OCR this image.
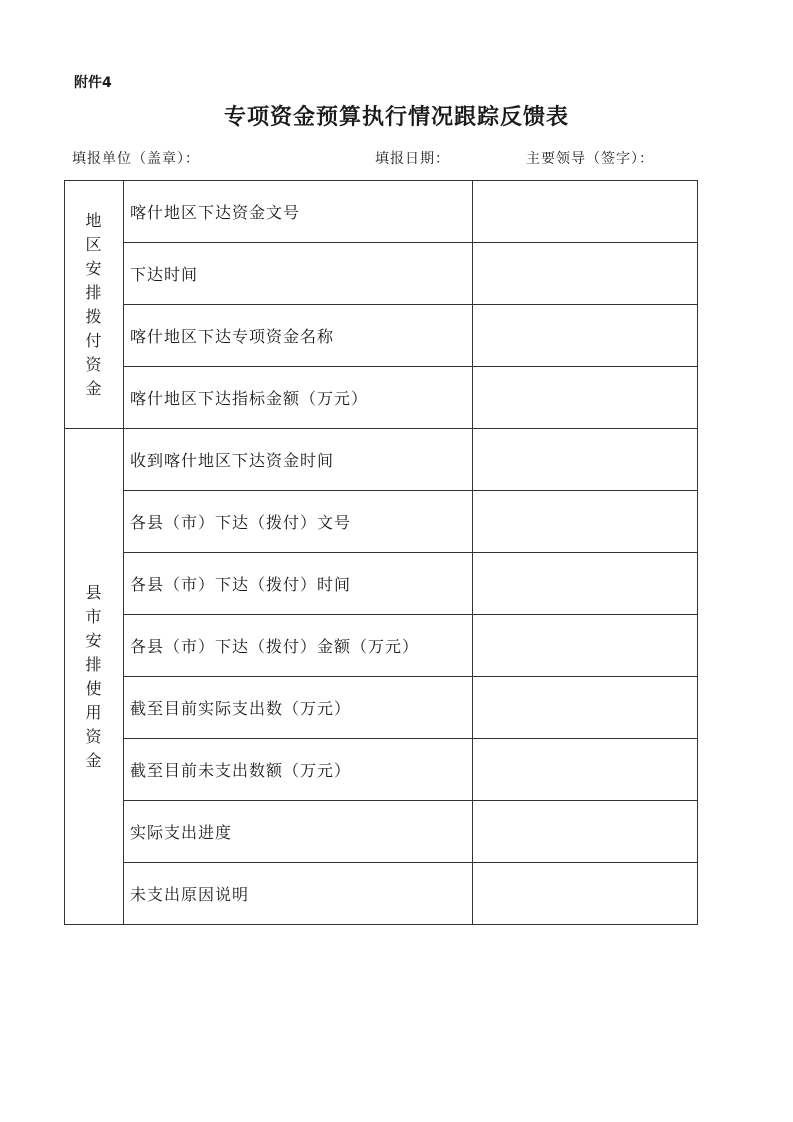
附件4
专项资金预算执行情况跟踪反馈表
填报单位（盖章）：	填报日期：	主要领导（签字）：
地区安排拨付资金	喀什地区下达资金文号	
	下达时间	
	喀什地区下达专项资金名称	
	喀什地区下达指标金额（万元）	
县市安排使用资金	收到喀什地区下达资金时间	
	各县（市）下达（拨付）文号	
	各县（市）下达（拨付）时间	
	各县（市）下达（拨付）金额（万元）	
	截至目前实际支出数（万元）	
	截至目前未支出数额（万元）	
	实际支出进度	
	未支出原因说明	
